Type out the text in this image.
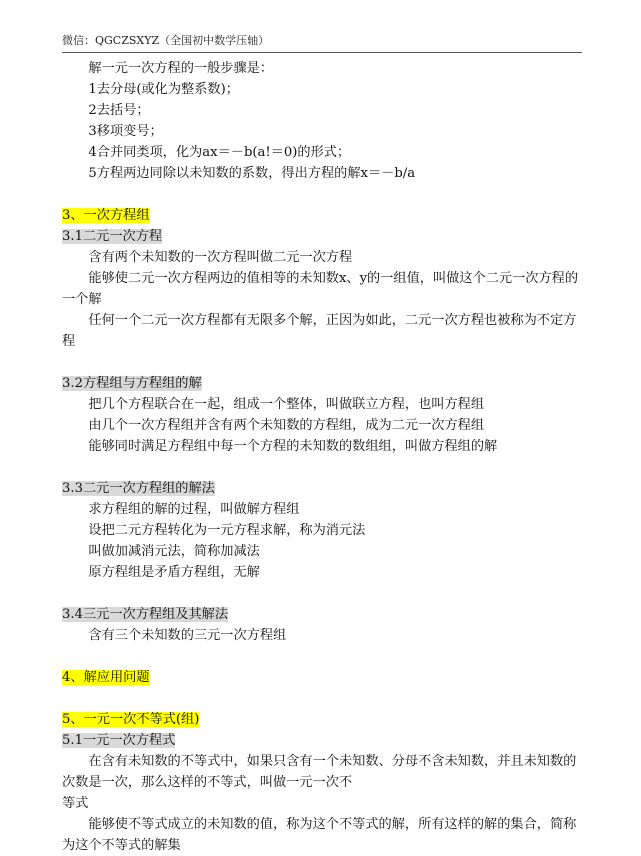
微信：QGCZSXYZ（全国初中数学压轴）
解一元一次方程的一般步骤是：
1去分母(或化为整系数)；
2去括号；
3移项变号；
4合并同类项，化为ax＝－b(a!＝0)的形式；
5方程两边同除以未知数的系数，得出方程的解x＝－b/a
3、一次方程组
3.1二元一次方程
含有两个未知数的一次方程叫做二元一次方程
能够使二元一次方程两边的值相等的未知数x、y的一组值，叫做这个二元一次方程的一个解
任何一个二元一次方程都有无限多个解，正因为如此，二元一次方程也被称为不定方程
3.2方程组与方程组的解
把几个方程联合在一起，组成一个整体，叫做联立方程，也叫方程组
由几个一次方程组并含有两个未知数的方程组，成为二元一次方程组
能够同时满足方程组中每一个方程的未知数的数组组，叫做方程组的解
3.3二元一次方程组的解法
求方程组的解的过程，叫做解方程组
设把二元方程转化为一元方程求解，称为消元法
叫做加减消元法，简称加减法
原方程组是矛盾方程组，无解
3.4三元一次方程组及其解法
含有三个未知数的三元一次方程组
4、解应用问题
5、一元一次不等式(组)
5.1一元一次方程式
在含有未知数的不等式中，如果只含有一个未知数、分母不含未知数，并且未知数的次数是一次，那么这样的不等式，叫做一元一次不
等式
能够使不等式成立的未知数的值，称为这个不等式的解，所有这样的解的集合，简称为这个不等式的解集
